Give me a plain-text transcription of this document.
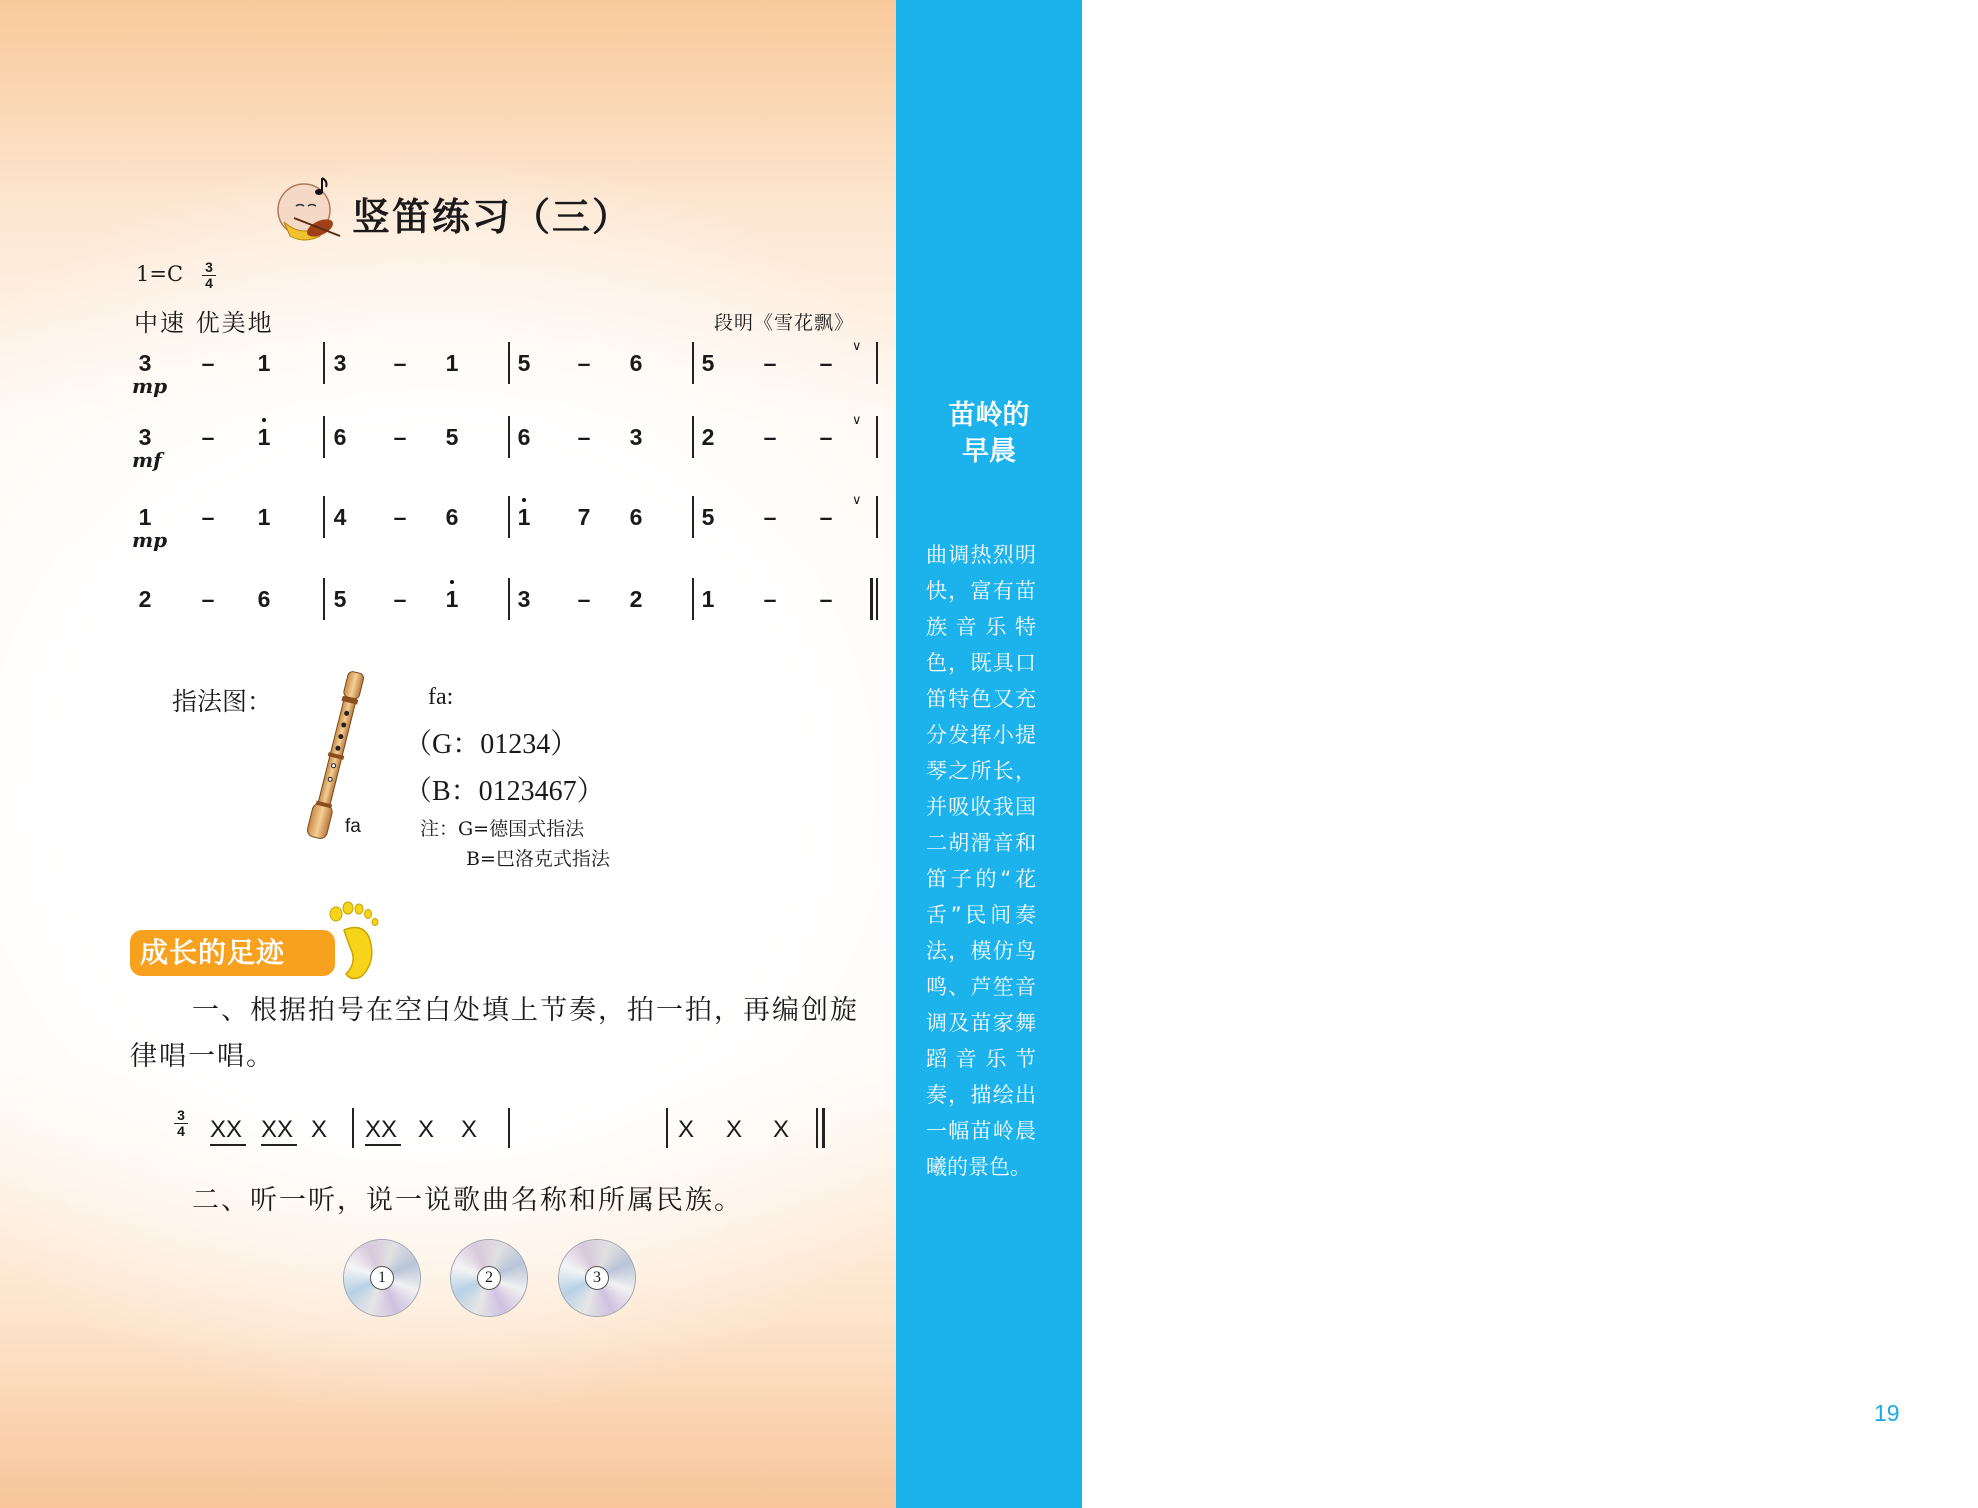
竖笛练习（三）
$1=C \frac{3}{4}$
中速 优美地	段明《雪花飘》
3	–	1	3	–	1	5	–	6	5	–	–
mp
∨
3	–	1	6	–	5	6	–	3	2	–	–
mf
∨
1	–	1	4	–	6	1	7	6	5	–	–
mp
∨
2	–	6	5	–	1	3	–	2	1	–	–
指法图：
fa
fa:
（G：01234）
（B：0123467）
注：G=德国式指法
B=巴洛克式指法
成长的足迹
一、根据拍号在空白处填上节奏，拍一拍，再编创旋律唱一唱。
$\frac{3}{4}$ XX XX X XX X X	X X X
二、听一听，说一说歌曲名称和所属民族。
1	2	3
苗岭的
早晨
曲调热烈明快，富有苗族音乐特色，既具口笛特色又充分发挥小提琴之所长，并吸收我国二胡滑音和笛子的“花舌”民间奏法，模仿鸟鸣、芦笙音调及苗家舞蹈音乐节奏，描绘出一幅苗岭晨曦的景色。
19
